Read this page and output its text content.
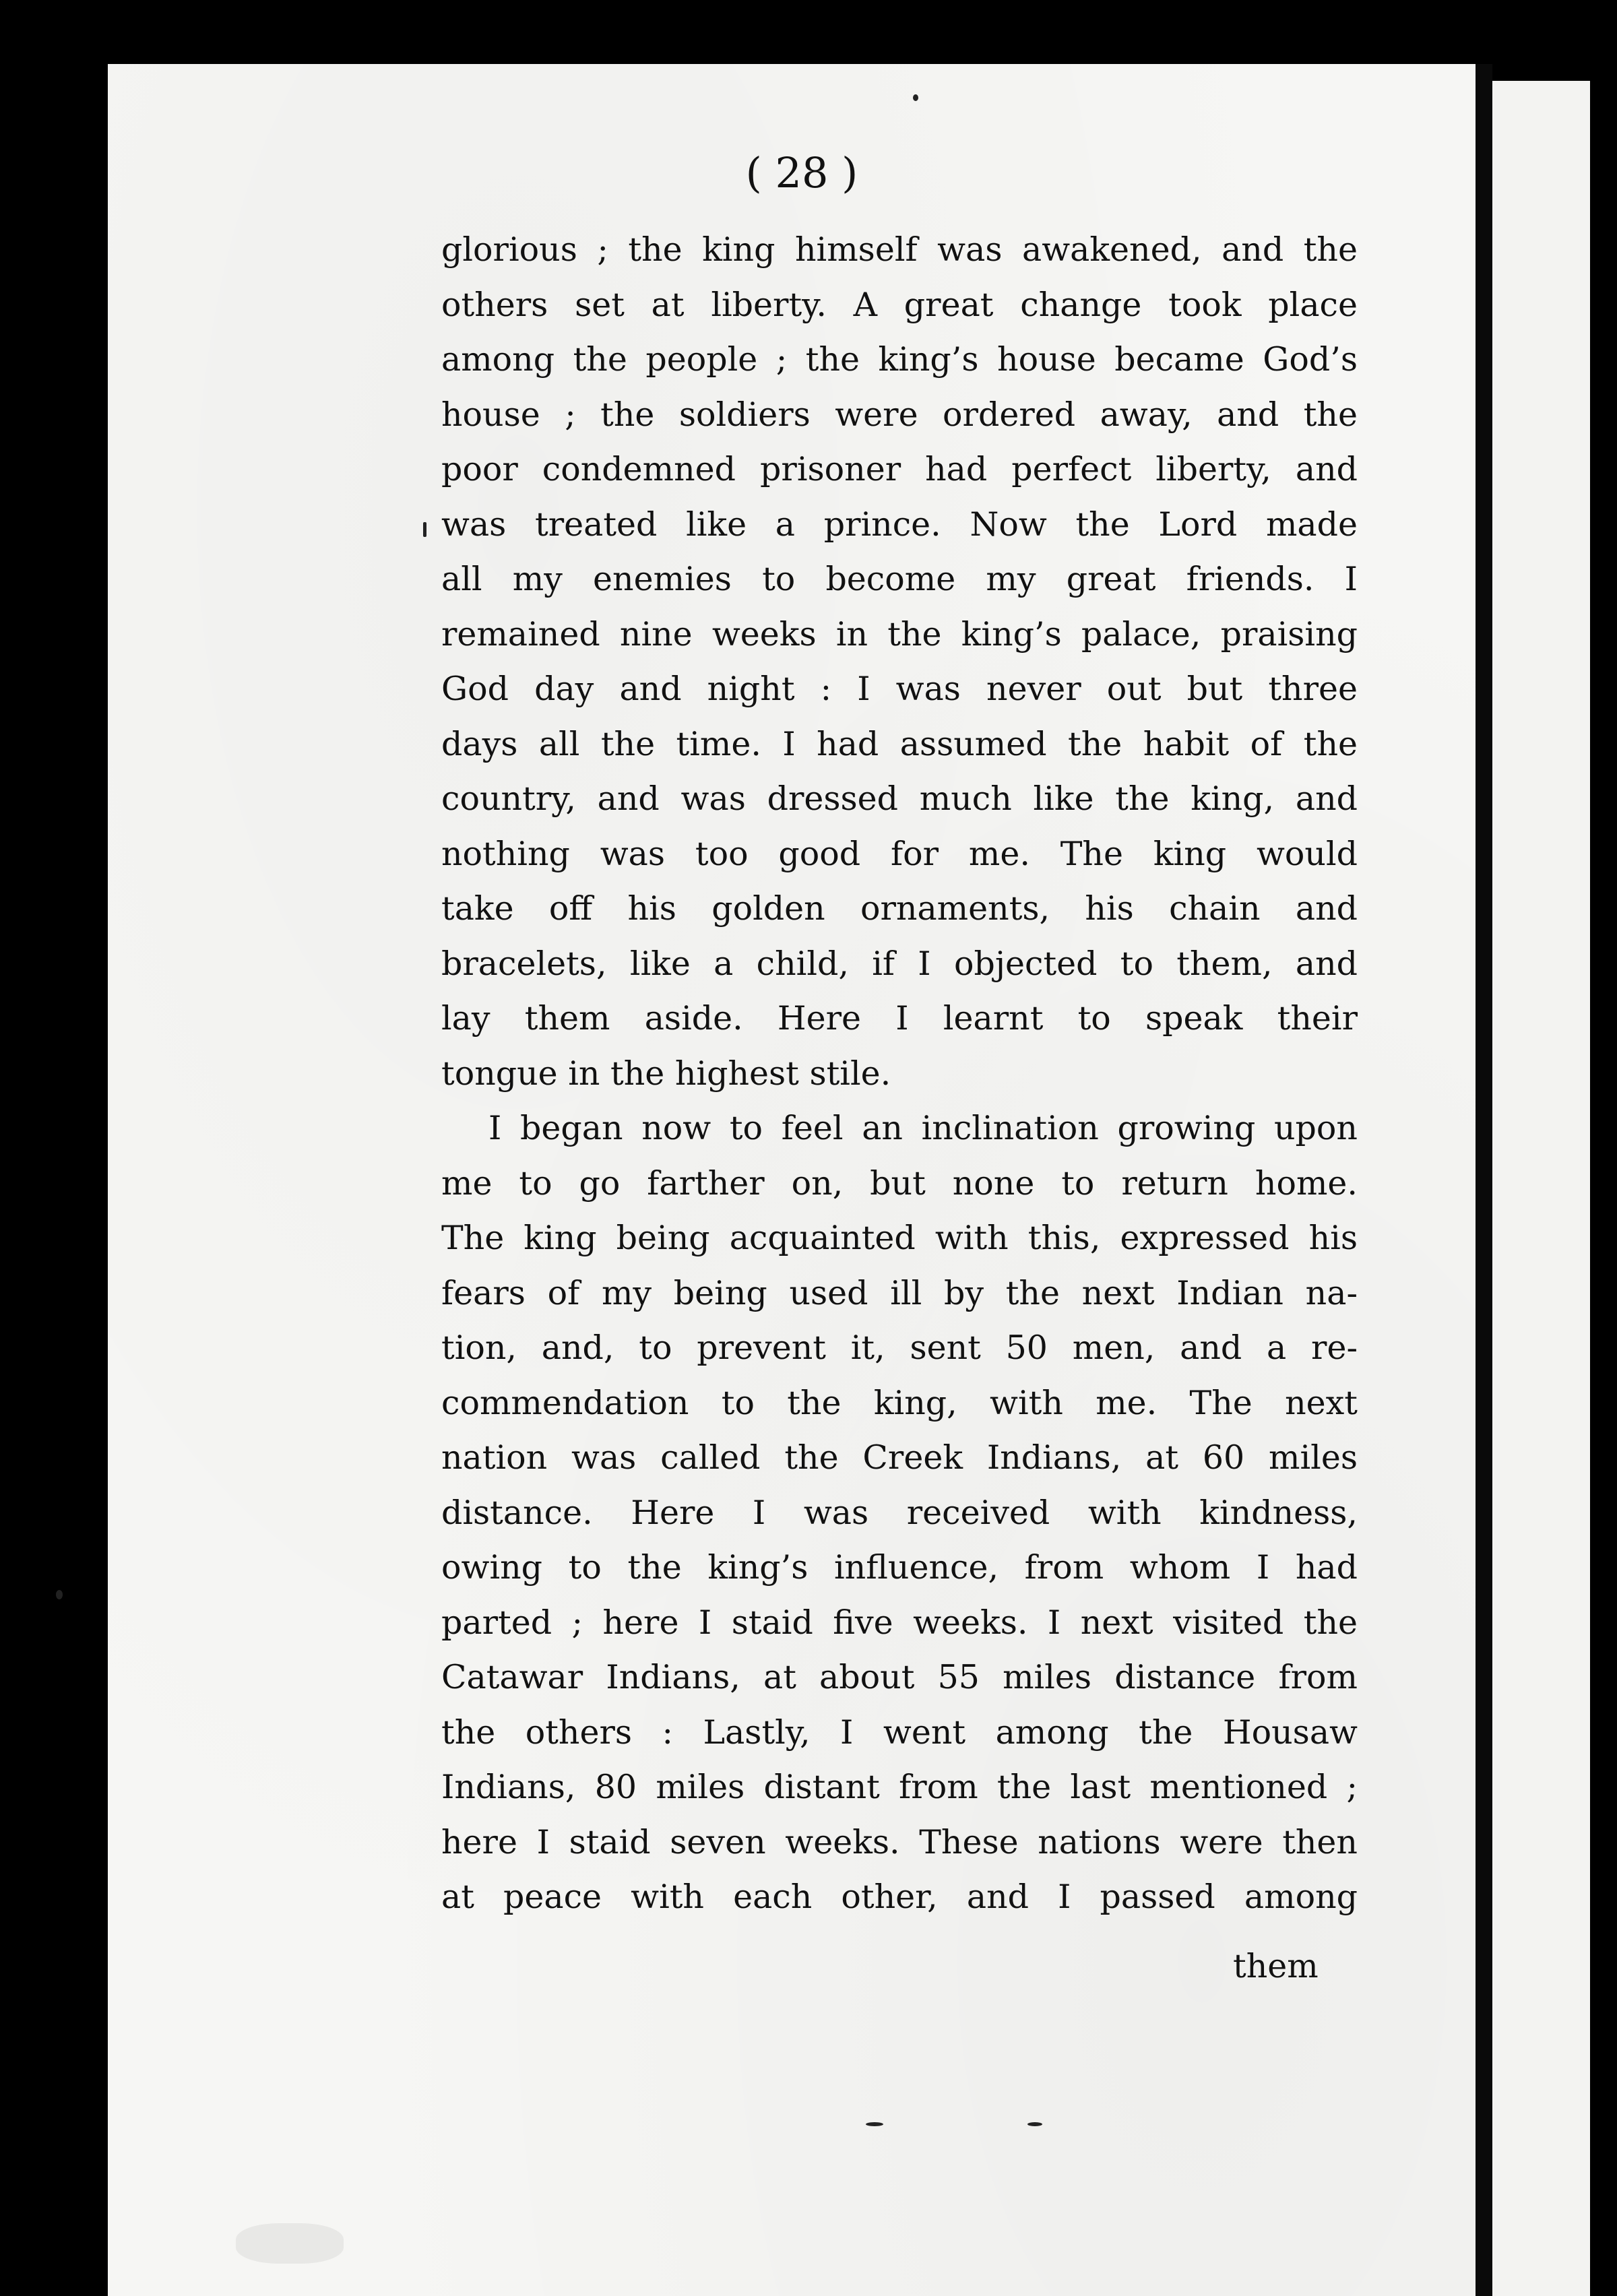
( 28 )
glorious ; the king himself was awakened, and the
others set at liberty. A great change took place
among the people ; the king’s house became God’s
house ; the soldiers were ordered away, and the
poor condemned prisoner had perfect liberty, and
was treated like a prince. Now the Lord made
all my enemies to become my great friends. I
remained nine weeks in the king’s palace, praising
God day and night : I was never out but three
days all the time. I had assumed the habit of the
country, and was dressed much like the king, and
nothing was too good for me. The king would
take off his golden ornaments, his chain and
bracelets, like a child, if I objected to them, and
lay them aside. Here I learnt to speak their
tongue in the highest stile.
I began now to feel an inclination growing upon
me to go farther on, but none to return home.
The king being acquainted with this, expressed his
fears of my being used ill by the next Indian na-
tion, and, to prevent it, sent 50 men, and a re-
commendation to the king, with me. The next
nation was called the Creek Indians, at 60 miles
distance. Here I was received with kindness,
owing to the king’s influence, from whom I had
parted ; here I staid five weeks. I next visited the
Catawar Indians, at about 55 miles distance from
the others : Lastly, I went among the Housaw
Indians, 80 miles distant from the last mentioned ;
here I staid seven weeks. These nations were then
at peace with each other, and I passed among
them
